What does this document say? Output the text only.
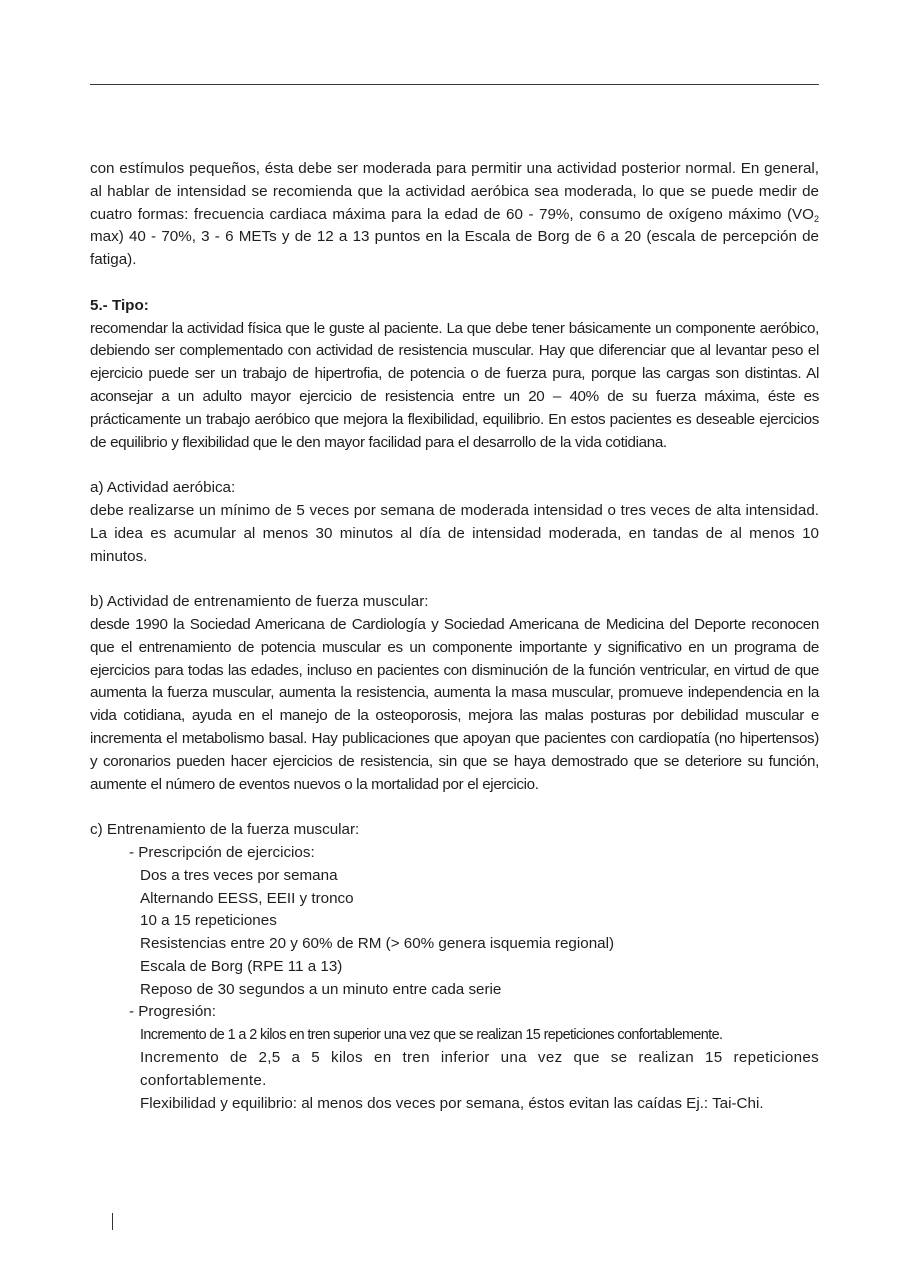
con estímulos pequeños, ésta debe ser moderada para permitir una actividad posterior normal. En general, al hablar de intensidad se recomienda que la actividad aeróbica sea moderada, lo que se puede medir de cuatro formas: frecuencia cardiaca máxima para la edad de 60 - 79%, consumo de oxígeno máximo ($VO_2$ max) 40 - 70%, 3 - 6 METs y de 12 a 13 puntos en la Escala de Borg de 6 a 20 (escala de percepción de fatiga).

5.- Tipo:

recomendar la actividad física que le guste al paciente. La que debe tener básicamente un componente aeróbico, debiendo ser complementado con actividad de resistencia muscular. Hay que diferenciar que al levantar peso el ejercicio puede ser un trabajo de hipertrofia, de potencia o de fuerza pura, porque las cargas son distintas. Al aconsejar a un adulto mayor ejercicio de resistencia entre un 20 – 40% de su fuerza máxima, éste es prácticamente un trabajo aeróbico que mejora la flexibilidad, equilibrio. En estos pacientes es deseable ejercicios de equilibrio y flexibilidad que le den mayor facilidad para el desarrollo de la vida cotidiana.

a) Actividad aeróbica:

debe realizarse un mínimo de 5 veces por semana de moderada intensidad o tres veces de alta intensidad. La idea es acumular al menos 30 minutos al día de intensidad moderada, en tandas de al menos 10 minutos.

b) Actividad de entrenamiento de fuerza muscular:

desde 1990 la Sociedad Americana de Cardiología y Sociedad Americana de Medicina del Deporte reconocen que el entrenamiento de potencia muscular es un componente importante y significativo en un programa de ejercicios para todas las edades, incluso en pacientes con disminución de la función ventricular, en virtud de que aumenta la fuerza muscular, aumenta la resistencia, aumenta la masa muscular, promueve independencia en la vida cotidiana, ayuda en el manejo de la osteoporosis, mejora las malas posturas por debilidad muscular e incrementa el metabolismo basal. Hay publicaciones que apoyan que pacientes con cardiopatía (no hipertensos) y coronarios pueden hacer ejercicios de resistencia, sin que se haya demostrado que se deteriore su función, aumente el número de eventos nuevos o la mortalidad por el ejercicio.

c) Entrenamiento de la fuerza muscular:

- Prescripción de ejercicios:

Dos a tres veces por semana

Alternando EESS, EEII y tronco

10 a 15 repeticiones

Resistencias entre 20 y 60% de RM (> 60% genera isquemia regional)

Escala de Borg (RPE 11 a 13)

Reposo de 30 segundos a un minuto entre cada serie

- Progresión:

Incremento de 1 a 2 kilos en tren superior una vez que se realizan 15 repeticiones confortablemente.

Incremento de 2,5 a 5 kilos en tren inferior una vez que se realizan 15 repeticiones confortablemente.

Flexibilidad y equilibrio: al menos dos veces por semana, éstos evitan las caídas Ej.: Tai-Chi.
